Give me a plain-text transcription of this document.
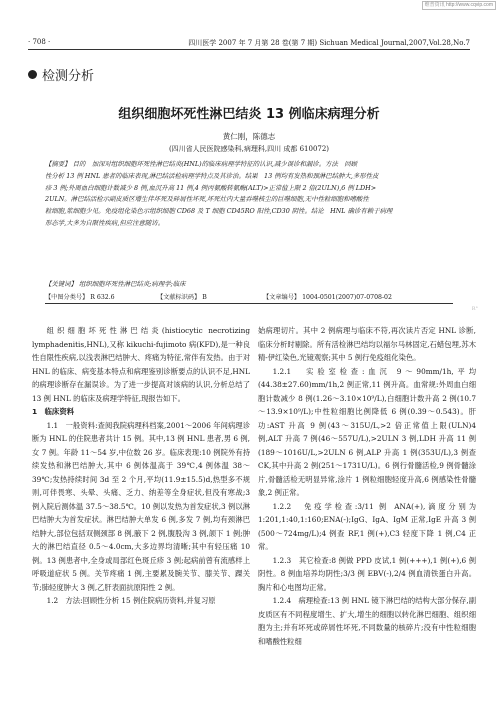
维普资讯 http://www.cqvip.com
· 708 ·	四川医学 2007 年 7 月第 28 卷(第 7 期) Sichuan Medical Journal,2007,Vol.28,No.7
检测分析
组织细胞坏死性淋巴结炎 13 例临床病理分析
黄仁刚，陈德志
(四川省人民医院感染科,病理科,四川 成都 610072)
【摘要】 目的　加深对组织细胞坏死性淋巴结炎(HNL)的临床病理学特征的认识,减少误诊和漏诊。方法　回顾
性分析 13 例 HNL 患者的临床表现,淋巴结活检病理学特点及其诊治。结果　13 例均有发热和颈淋巴结肿大,多形性皮
疹 3 例;外周血白细胞计数减少 8 例,血沉升高 11 例,4 例丙氨酸转氨酶(ALT)>正常值上限 2 倍(2ULN),6 例 LDH>
2ULN。淋巴结活检示副皮质区增生伴坏死及碎屑性坏死,坏死灶内大量吞噬核尘的巨噬细胞,无中性粒细胞和嗜酸性
粒细胞,浆细胞少见。免疫组化染色示组织细胞 CD68 及 T 细胞 CD45RO 阳性,CD30 阴性。结论　HNL 确诊有赖于病理
形态学,大多为自限性疾病,但应注意随访。
【关键词】 组织细胞坏死性淋巴结炎;病理学;临床
【中图分类号】 R 632.6	【文献标识码】 B	【文章编号】 1004-0501(2007)07-0708-02
R°

组织细胞坏死性淋巴结炎(histiocytic necrotizing lymphadenitis,HNL),又称 kikuchi-fujimoto 病(KFD),是一种良性自限性疾病,以浅表淋巴结肿大、疼痛为特征,常伴有发热。由于对 HNL 的临床、病变基本特点和病理鉴别诊断要点的认识不足,HNL 的病理诊断存在漏误诊。为了进一步提高对该病的认识,分析总结了 13 例 HNL 的临床及病理学特征,现报告如下。

1　临床资料

1.1　一般资料:查阅我院病理科档案,2001～2006 年间病理诊断为 HNL 的住院患者共计 15 例。其中,13 例 HNL 患者,男 6 例,女 7 例。年龄 11～54 岁,中位数 26 岁。临床表现:10 例院外有持续发热和淋巴结肿大,其中 6 例体温高于 39℃,4 例体温 38～39℃;发热持续时间 3d 至 2 个月,平均(11.9±15.5)d,热型多不规则,可伴畏寒、头晕、头痛、乏力、纳差等全身症状,但没有寒战;3 例入院后测体温 37.5～38.5℃。10 例以发热为首发症状,3 例以淋巴结肿大为首发症状。淋巴结肿大单发 6 例,多发 7 例,均有颈淋巴结肿大,部位包括双侧颈部 8 例,腋下 2 例,腹股沟 3 例,颌下 1 例;肿大的淋巴结直径 0.5～4.0cm,大多边界均清晰;其中有轻压痛 10 例。13 例患者中,全身或局部红色斑丘疹 3 例;起病前曾有流感样上呼吸道症状 5 例。关节疼痛 1 例,主要累及腕关节、膝关节、踝关节;肺轻度肿大 3 例,乙肝表面抗原阳性 2 例。

1.2　方法:回顾性分析 15 例住院病历资料,并复习原

始病理切片。其中 2 例病理与临床不符,再次读片否定 HNL 诊断,临床分析时剔除。所有活检淋巴结均以福尔马林固定,石蜡包埋,苏木精-伊红染色,光镜观察;其中 5 例行免疫组化染色。

1.2.1　实验室检查:血沉 9～90mm/1h,平均(44.38±27.60)mm/1h,2 例正常,11 例升高。血常规:外周血白细胞计数减少 8 例(1.26～3.10×10⁹/L),白细胞计数升高 2 例(10.7～13.9×10⁹/L);中性粒细胞比例降低 6 例(0.39～0.543)。肝功:AST 升高 9 例(43～315U/L,>2 倍正常值上限(ULN)4 例,ALT 升高 7 例(46～557U/L),>2ULN 3 例,LDH 升高 11 例(189～1016U/L,>2ULN 6 例,ALP 升高 1 例(353U/L),3 例查 CK,其中升高 2 例(251～1731U/L)。6 例行骨髓活检,9 例骨髓涂片,骨髓活检无明显异常,涂片 1 例粒细胞轻度升高,6 例感染性骨髓象,2 例正常。

1.2.2　免疫学检查:3/11 例 ANA(+),滴度分别为 1:201,1:40,1:160;ENA(-);IgG、IgA、IgM 正常,IgE 升高 3 例(500～724mg/L);4 例查 RF,1 例(+),C3 轻度下降 1 例,C4 正常。

1.2.3　其它检查:8 例做 PPD 皮试,1 例(+++),1 例(+),6 例阴性。8 例血培养均阴性;3/3 例 EBV(-),2/4 例血清铁蛋白升高。胸片和心电图均正常。

1.2.4　病理检查:13 例 HNL 镜下淋巴结的结构大部分保存,副皮质区有不同程度增生、扩大,增生的细胞以转化淋巴细胞、组织细胞为主;并有坏死或碎屑性坏死,不同数量的核碎片;没有中性粒细胞和嗜酸性粒细
